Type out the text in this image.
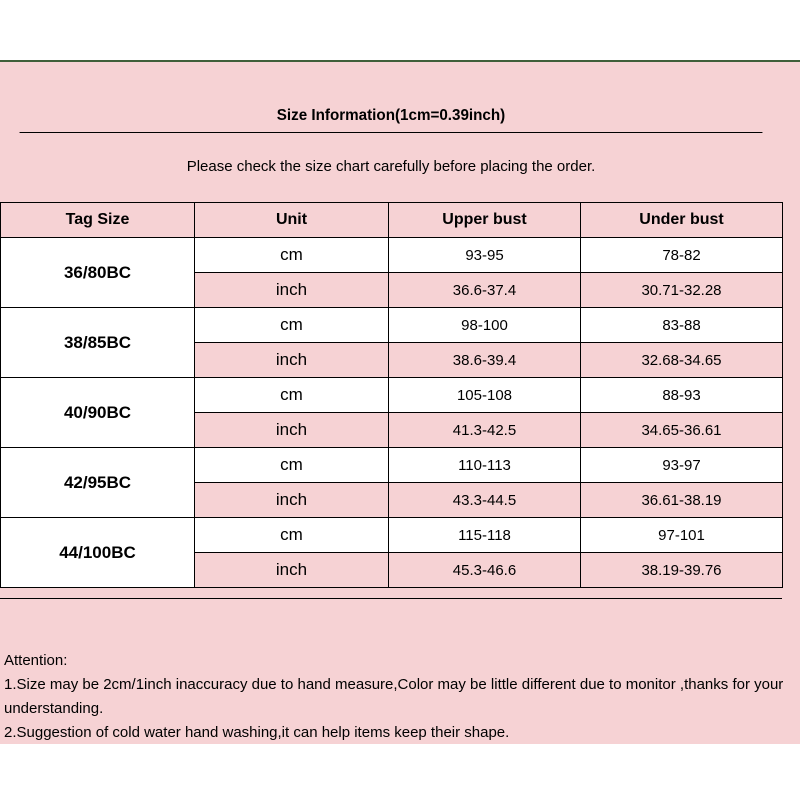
Size Information(1cm=0.39inch)
Please check the size chart carefully before placing the order.
Tag Size	Unit	Upper bust	Under bust
36/80BC	cm	93-95	78-82
	inch	36.6-37.4	30.71-32.28
38/85BC	cm	98-100	83-88
	inch	38.6-39.4	32.68-34.65
40/90BC	cm	105-108	88-93
	inch	41.3-42.5	34.65-36.61
42/95BC	cm	110-113	93-97
	inch	43.3-44.5	36.61-38.19
44/100BC	cm	115-118	97-101
	inch	45.3-46.6	38.19-39.76
Attention:
1.Size may be 2cm/1inch inaccuracy due to hand measure,Color may be little different due to monitor ,thanks for your understanding.
2.Suggestion of cold water hand washing,it can help items keep their shape.
